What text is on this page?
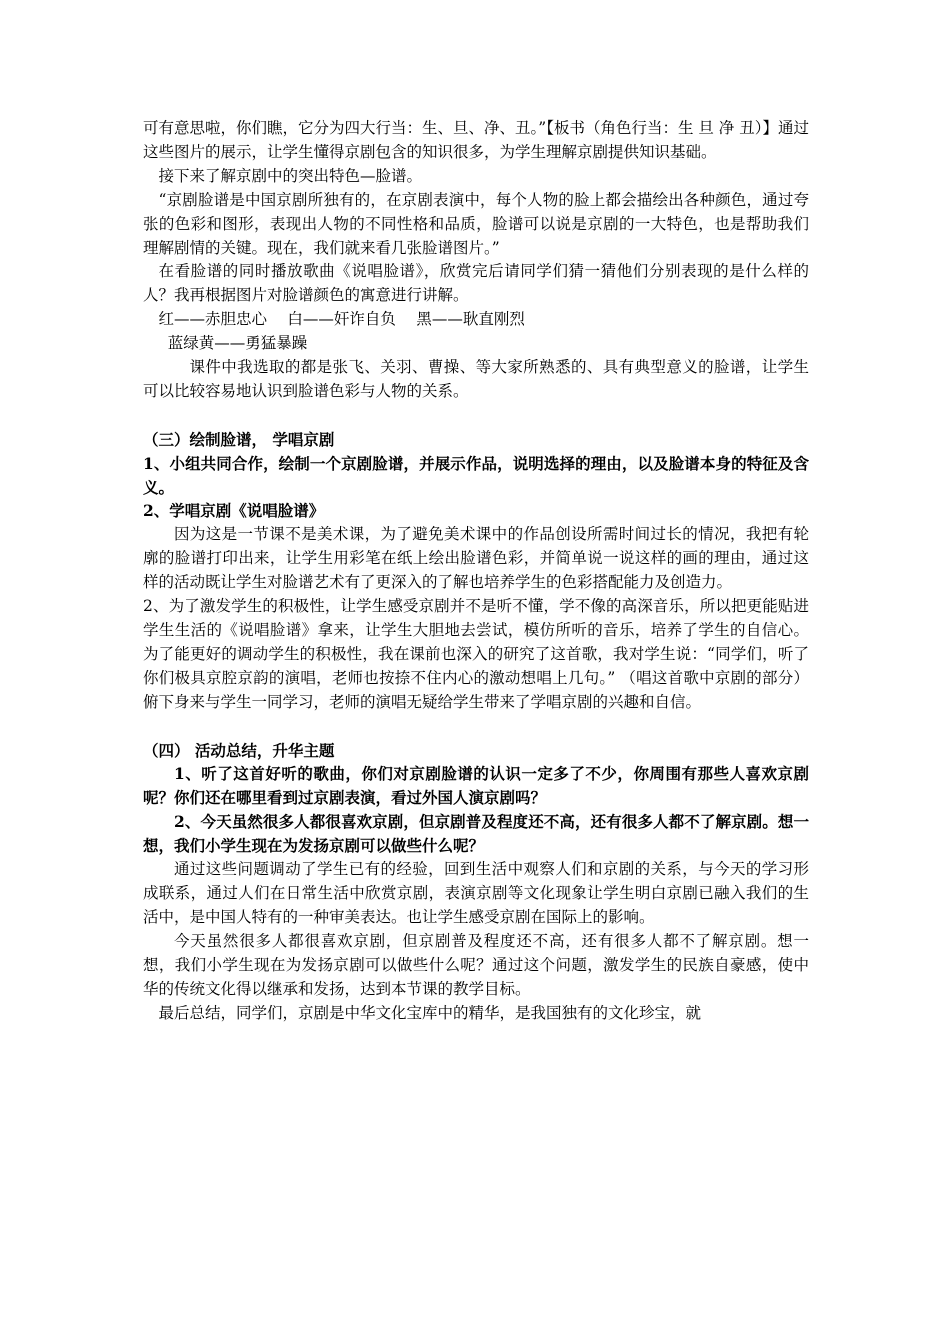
可有意思啦，你们瞧，它分为四大行当：生、旦、净、丑。”【板书（角色行当：生 旦 净 丑）】通过这些图片的展示，让学生懂得京剧包含的知识很多，为学生理解京剧提供知识基础。

接下来了解京剧中的突出特色—脸谱。

“京剧脸谱是中国京剧所独有的，在京剧表演中，每个人物的脸上都会描绘出各种颜色，通过夸张的色彩和图形，表现出人物的不同性格和品质，脸谱可以说是京剧的一大特色，也是帮助我们理解剧情的关键。现在，我们就来看几张脸谱图片。”

在看脸谱的同时播放歌曲《说唱脸谱》，欣赏完后请同学们猜一猜他们分别表现的是什么样的人？我再根据图片对脸谱颜色的寓意进行讲解。

红——赤胆忠心　 白——奸诈自负　 黑——耿直刚烈

蓝绿黄——勇猛暴躁

课件中我选取的都是张飞、关羽、曹操、等大家所熟悉的、具有典型意义的脸谱，让学生可以比较容易地认识到脸谱色彩与人物的关系。

（三）绘制脸谱， 学唱京剧

1、小组共同合作，绘制一个京剧脸谱，并展示作品，说明选择的理由，以及脸谱本身的特征及含义。

2、学唱京剧《说唱脸谱》

因为这是一节课不是美术课，为了避免美术课中的作品创设所需时间过长的情况，我把有轮廓的脸谱打印出来，让学生用彩笔在纸上绘出脸谱色彩，并简单说一说这样的画的理由，通过这样的活动既让学生对脸谱艺术有了更深入的了解也培养学生的色彩搭配能力及创造力。

2、为了激发学生的积极性，让学生感受京剧并不是听不懂，学不像的高深音乐，所以把更能贴进学生生活的《说唱脸谱》拿来，让学生大胆地去尝试，模仿所听的音乐，培养了学生的自信心。 为了能更好的调动学生的积极性，我在课前也深入的研究了这首歌，我对学生说：“同学们，听了你们极具京腔京韵的演唱，老师也按捺不住内心的激动想唱上几句。” （唱这首歌中京剧的部分）俯下身来与学生一同学习，老师的演唱无疑给学生带来了学唱京剧的兴趣和自信。

（四） 活动总结，升华主题

1、听了这首好听的歌曲，你们对京剧脸谱的认识一定多了不少，你周围有那些人喜欢京剧呢？你们还在哪里看到过京剧表演，看过外国人演京剧吗？

2、今天虽然很多人都很喜欢京剧，但京剧普及程度还不高，还有很多人都不了解京剧。想一想，我们小学生现在为发扬京剧可以做些什么呢？

通过这些问题调动了学生已有的经验，回到生活中观察人们和京剧的关系，与今天的学习形成联系，通过人们在日常生活中欣赏京剧，表演京剧等文化现象让学生明白京剧已融入我们的生活中，是中国人特有的一种审美表达。也让学生感受京剧在国际上的影响。

今天虽然很多人都很喜欢京剧，但京剧普及程度还不高，还有很多人都不了解京剧。想一想，我们小学生现在为发扬京剧可以做些什么呢？通过这个问题，激发学生的民族自豪感，使中华的传统文化得以继承和发扬，达到本节课的教学目标。

最后总结，同学们，京剧是中华文化宝库中的精华，是我国独有的文化珍宝，就
